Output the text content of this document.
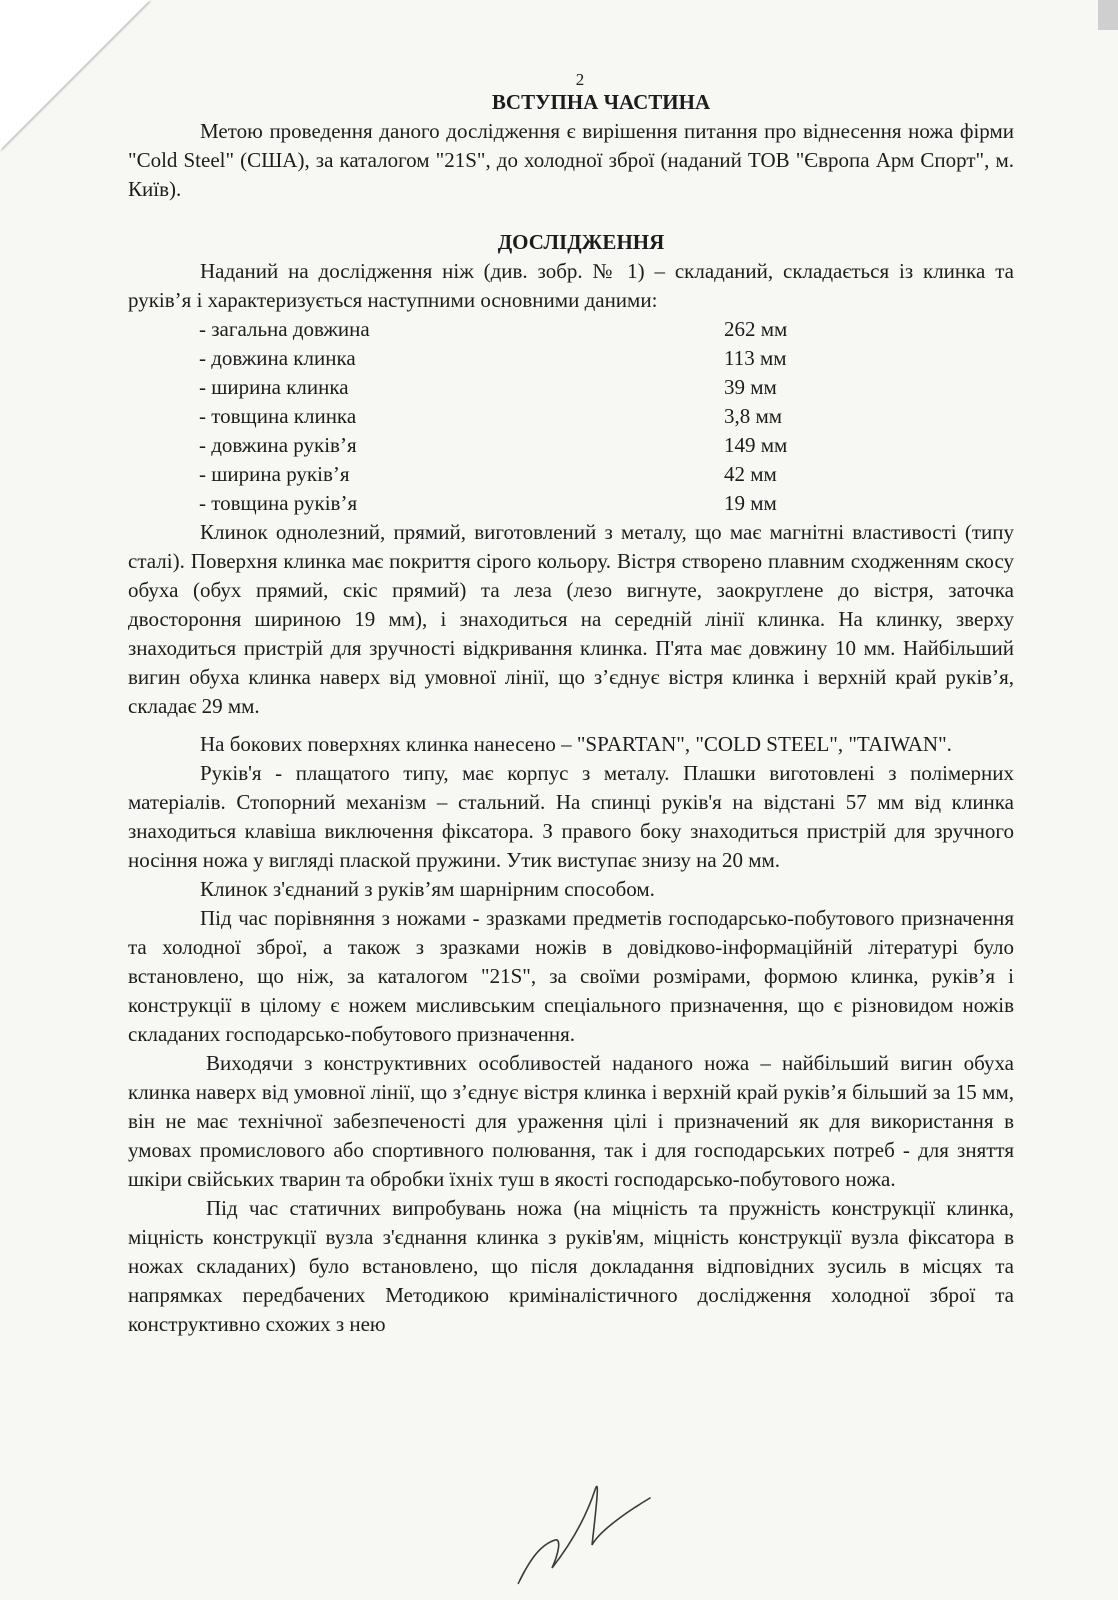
2

ВСТУПНА ЧАСТИНА

Метою проведення даного дослідження є вирішення питання про віднесення ножа фірми "Cold Steel" (США), за каталогом "21S", до холодної зброї (наданий ТОВ "Європа Арм Спорт", м. Київ).

ДОСЛІДЖЕННЯ

Наданий на дослідження ніж (див. зобр. № 1) – складаний, складається із клинка та руків’я і характеризується наступними основними даними:

- загальна довжина	262 мм
- довжина клинка	113 мм
- ширина клинка	39 мм
- товщина клинка	3,8 мм
- довжина руків’я	149 мм
- ширина руків’я	42 мм
- товщина руків’я	19 мм

Клинок однолезний, прямий, виготовлений з металу, що має магнітні властивості (типу сталі). Поверхня клинка має покриття сірого кольору. Вістря створено плавним сходженням скосу обуха (обух прямий, скіс прямий) та леза (лезо вигнуте, заокруглене до вістря, заточка двостороння шириною 19 мм), і знаходиться на середній лінії клинка. На клинку, зверху знаходиться пристрій для зручності відкривання клинка. П'ята має довжину 10 мм. Найбільший вигин обуха клинка наверх від умовної лінії, що з’єднує вістря клинка і верхній край руків’я, складає 29 мм.

На бокових поверхнях клинка нанесено – "SPARTAN", "COLD STEEL", "TAIWAN".

Руків'я - плащатого типу, має корпус з металу. Плашки виготовлені з полімерних матеріалів. Стопорний механізм – стальний. На спинці руків'я на відстані 57 мм від клинка знаходиться клавіша виключення фіксатора. З правого боку знаходиться пристрій для зручного носіння ножа у вигляді плаской пружини. Утик виступає знизу на 20 мм.

Клинок з'єднаний з руків’ям шарнірним способом.

Під час порівняння з ножами - зразками предметів господарсько-побутового призначення та холодної зброї, а також з зразками ножів в довідково-інформаційній літературі було встановлено, що ніж, за каталогом "21S", за своїми розмірами, формою клинка, руків’я і конструкції в цілому є ножем мисливським спеціального призначення, що є різновидом ножів складаних господарсько-побутового призначення.

Виходячи з конструктивних особливостей наданого ножа – найбільший вигин обуха клинка наверх від умовної лінії, що з’єднує вістря клинка і верхній край руків’я більший за 15 мм, він не має технічної забезпеченості для ураження цілі і призначений як для використання в умовах промислового або спортивного полювання, так і для господарських потреб - для зняття шкіри свійських тварин та обробки їхніх туш в якості господарсько-побутового ножа.

Під час статичних випробувань ножа (на міцність та пружність конструкції клинка, міцність конструкції вузла з'єднання клинка з руків'ям, міцність конструкції вузла фіксатора в ножах складаних) було встановлено, що після докладання відповідних зусиль в місцях та напрямках передбачених Методикою криміналістичного дослідження холодної зброї та конструктивно схожих з нею
